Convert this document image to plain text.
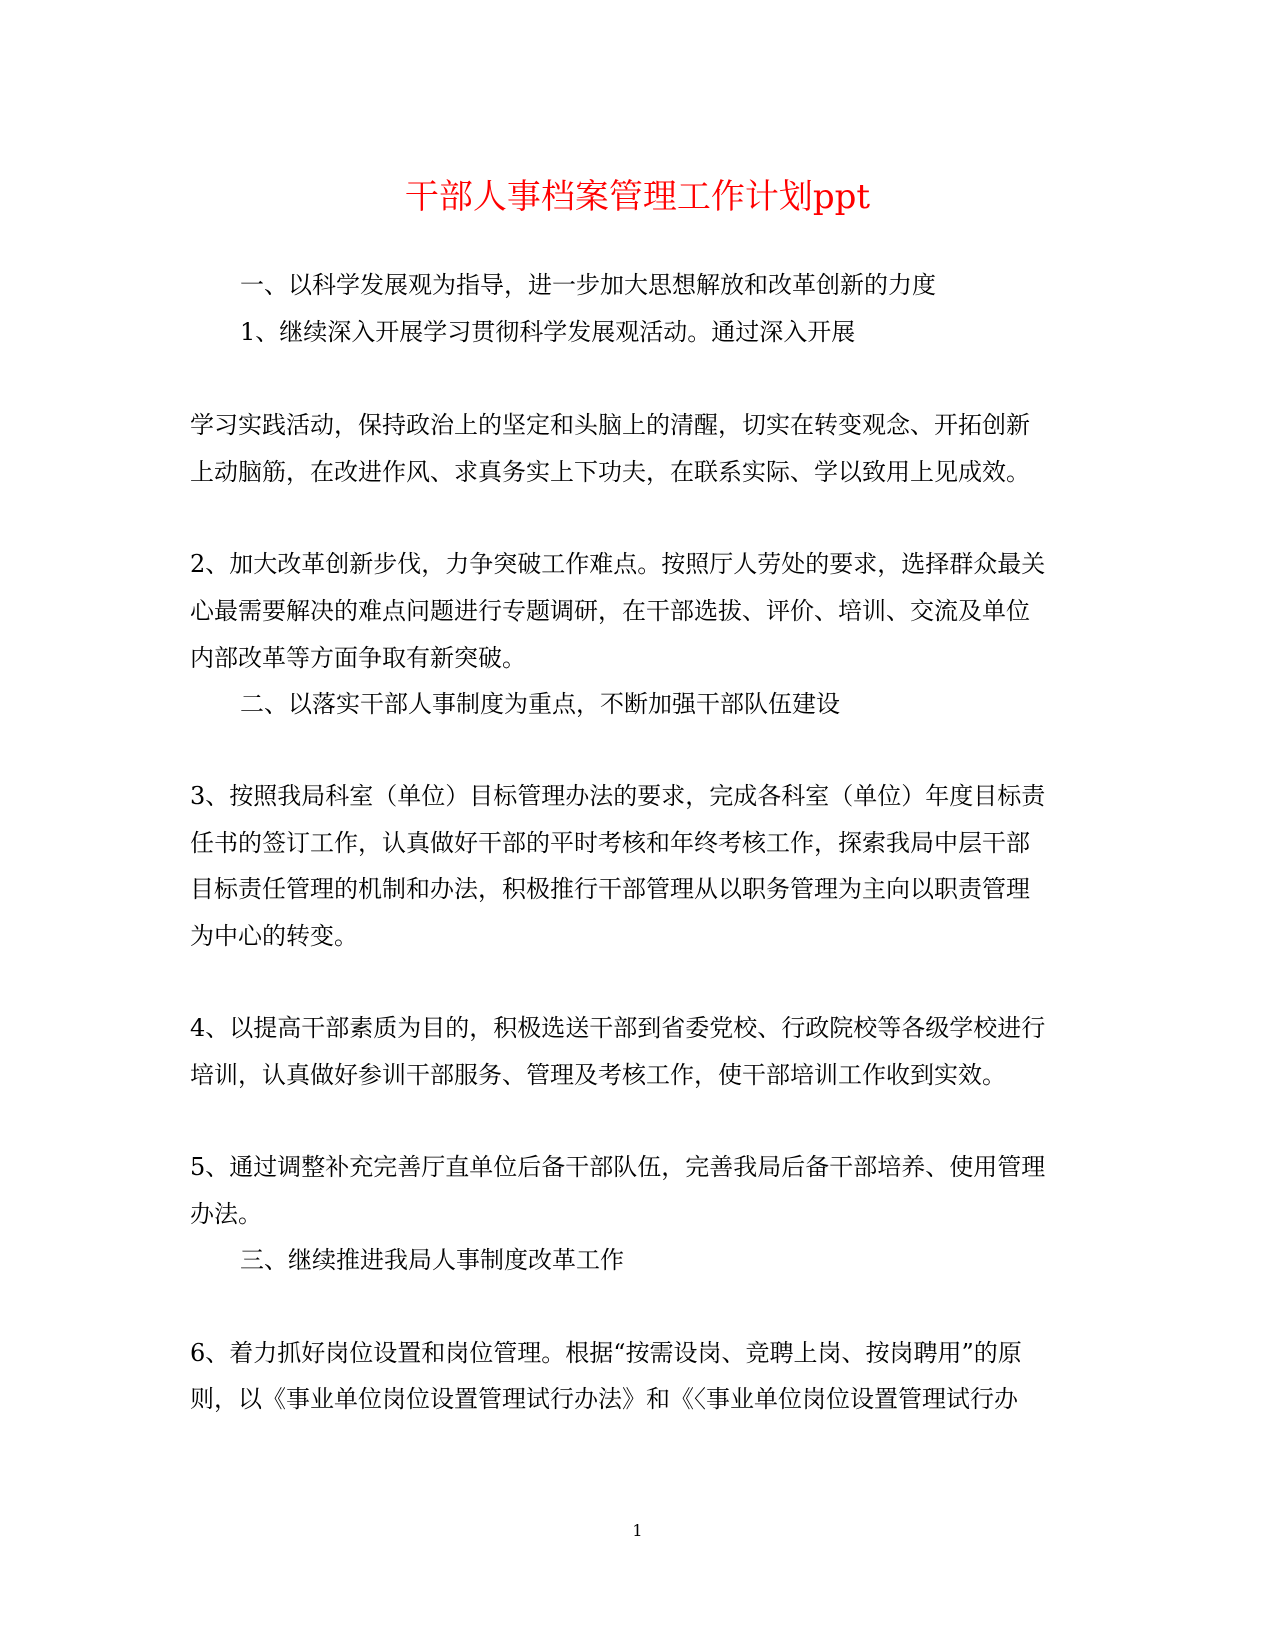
干部人事档案管理工作计划ppt

一、以科学发展观为指导，进一步加大思想解放和改革创新的力度

1、继续深入开展学习贯彻科学发展观活动。通过深入开展

学习实践活动，保持政治上的坚定和头脑上的清醒，切实在转变观念、开拓创新

上动脑筋，在改进作风、求真务实上下功夫，在联系实际、学以致用上见成效。

2、加大改革创新步伐，力争突破工作难点。按照厅人劳处的要求，选择群众最关

心最需要解决的难点问题进行专题调研，在干部选拔、评价、培训、交流及单位

内部改革等方面争取有新突破。

二、以落实干部人事制度为重点，不断加强干部队伍建设

3、按照我局科室（单位）目标管理办法的要求，完成各科室（单位）年度目标责

任书的签订工作，认真做好干部的平时考核和年终考核工作，探索我局中层干部

目标责任管理的机制和办法，积极推行干部管理从以职务管理为主向以职责管理

为中心的转变。

4、以提高干部素质为目的，积极选送干部到省委党校、行政院校等各级学校进行

培训，认真做好参训干部服务、管理及考核工作，使干部培训工作收到实效。

5、通过调整补充完善厅直单位后备干部队伍，完善我局后备干部培养、使用管理

办法。

三、继续推进我局人事制度改革工作

6、着力抓好岗位设置和岗位管理。根据“按需设岗、竞聘上岗、按岗聘用”的原

则，以《事业单位岗位设置管理试行办法》和《〈事业单位岗位设置管理试行办

1
